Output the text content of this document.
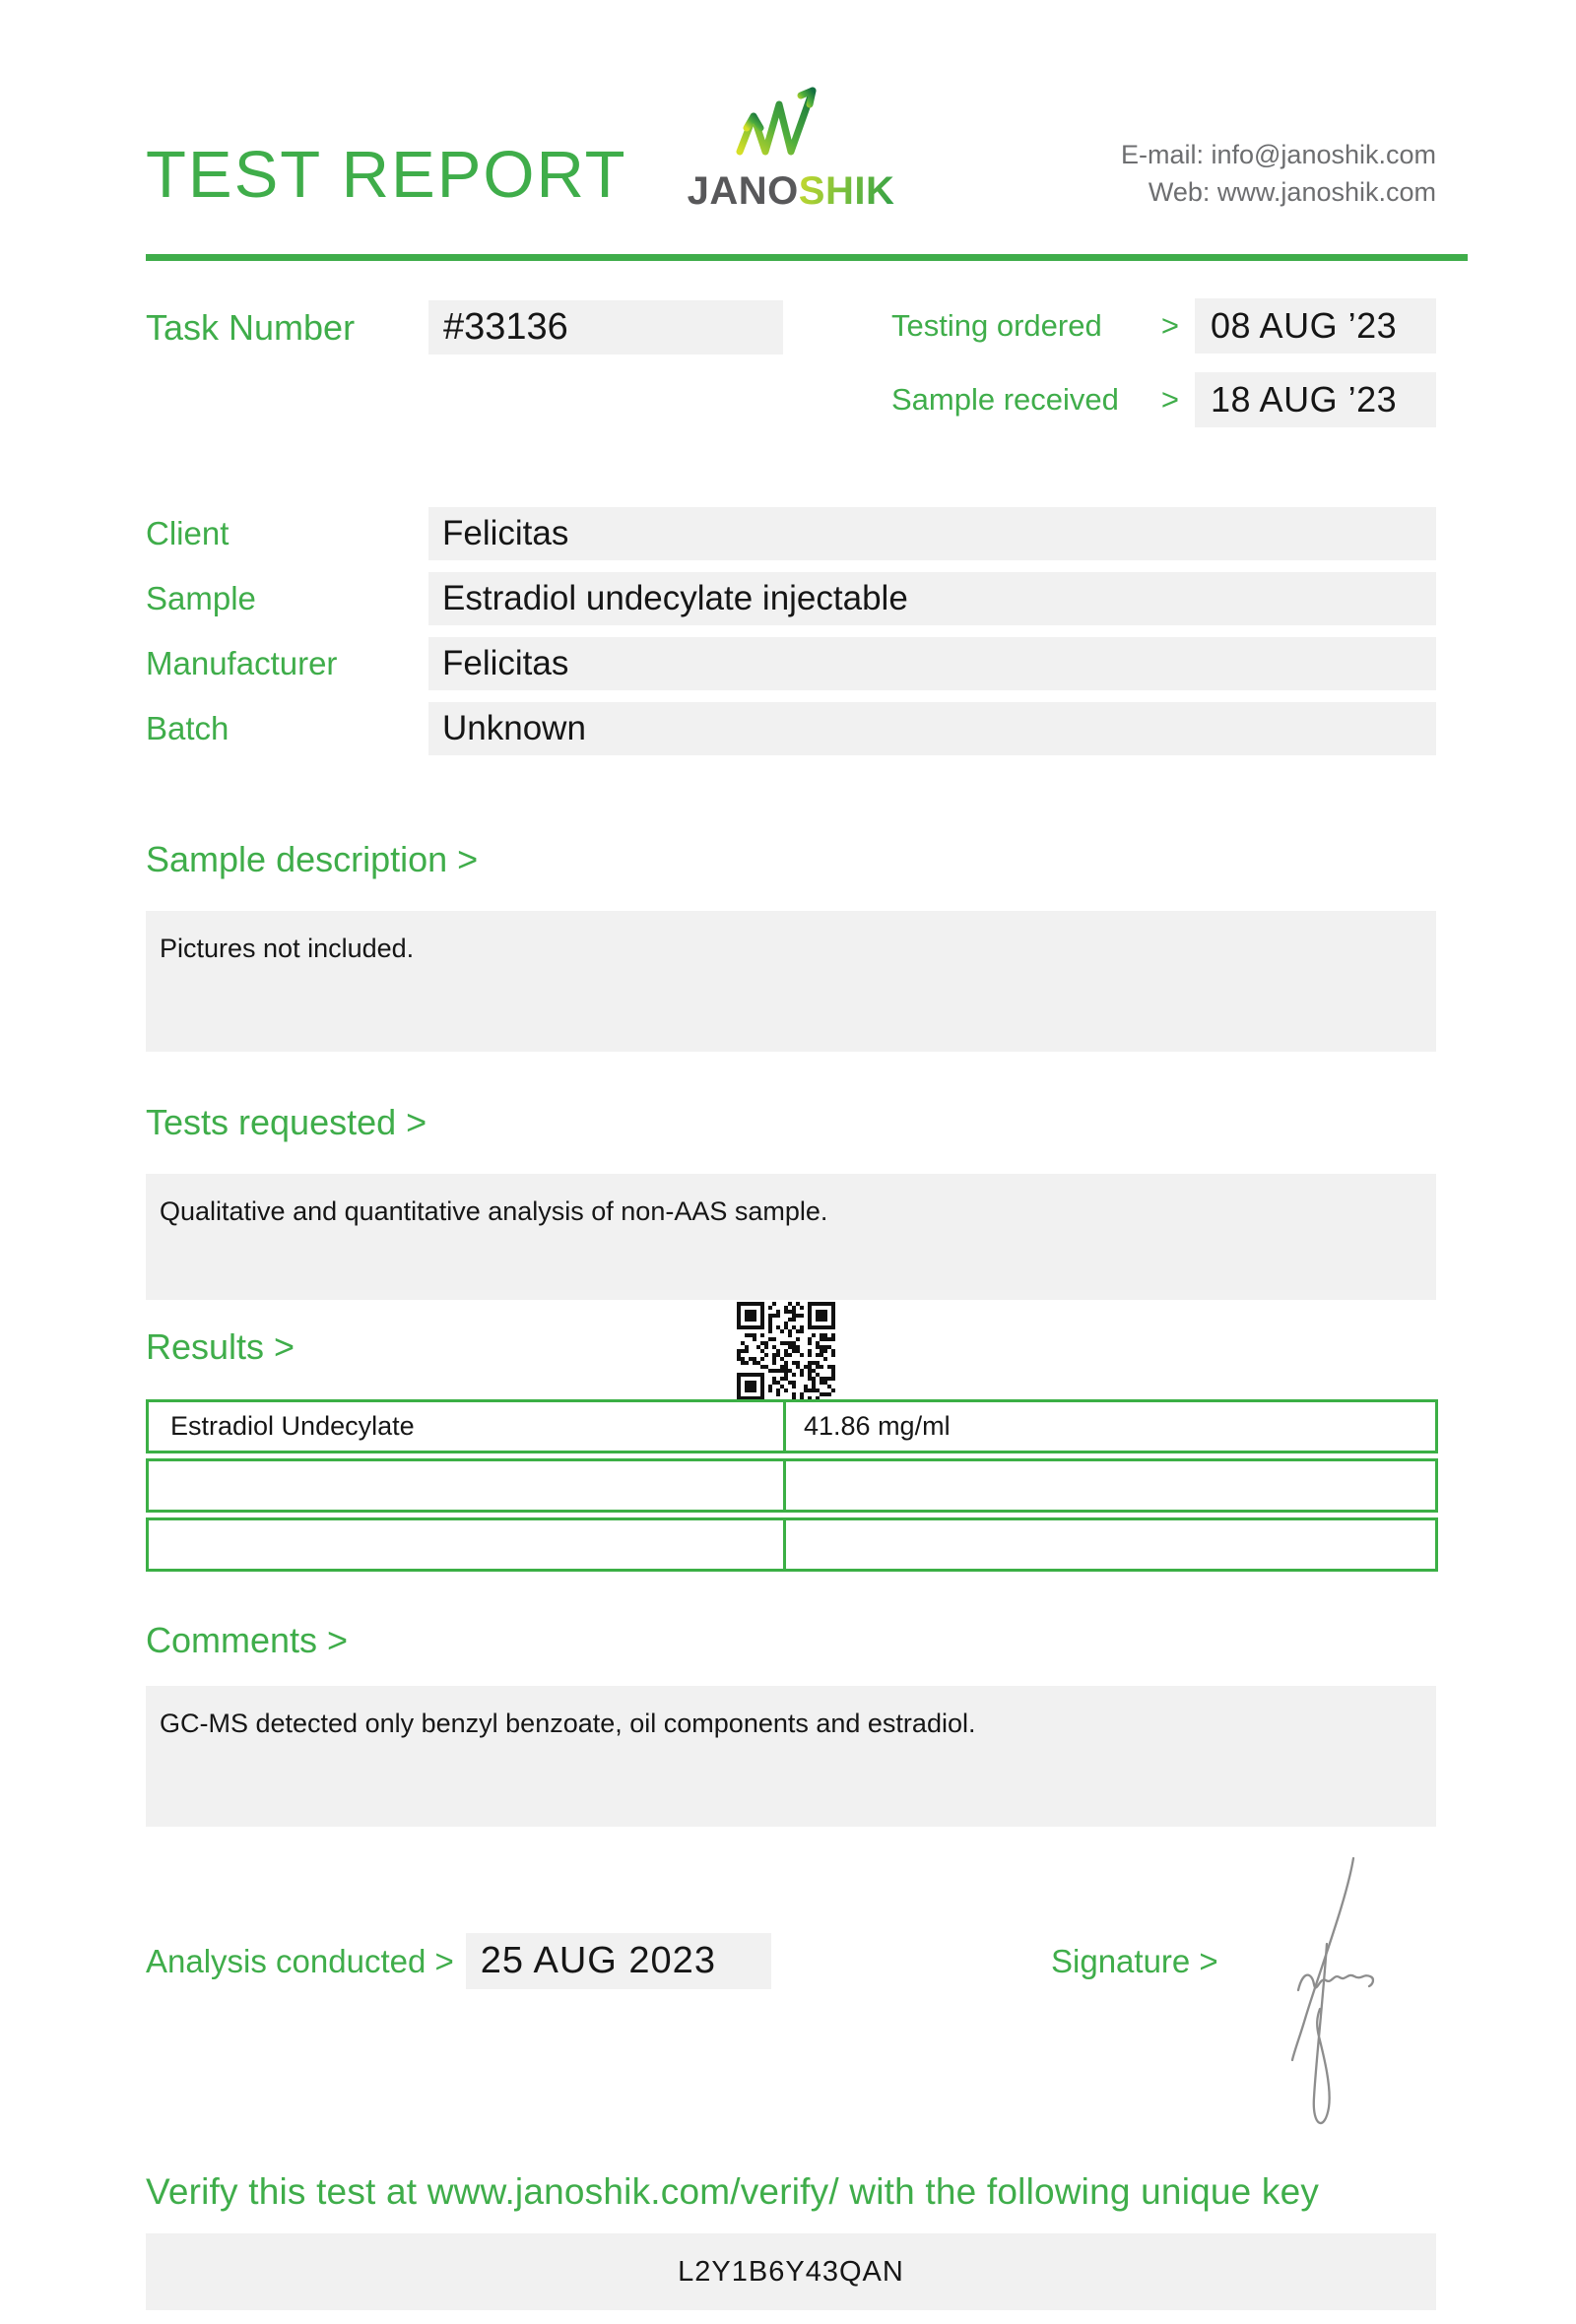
TEST REPORT	JANOSHIK
E-mail: info@janoshik.com
Web: www.janoshik.com
Task Number	#33136	Testing ordered	> 08 AUG ’23
Sample received	> 18 AUG ’23
Client	Felicitas
Sample	Estradiol undecylate injectable
Manufacturer	Felicitas
Batch	Unknown
Sample description >
Pictures not included.
Tests requested >
Qualitative and quantitative analysis of non-AAS sample.
Results >
Estradiol Undecylate	41.86 mg/ml
Comments >
GC-MS detected only benzyl benzoate, oil components and estradiol.
Analysis conducted > 25 AUG 2023	Signature >
Verify this test at www.janoshik.com/verify/ with the following unique key
L2Y1B6Y43QAN
